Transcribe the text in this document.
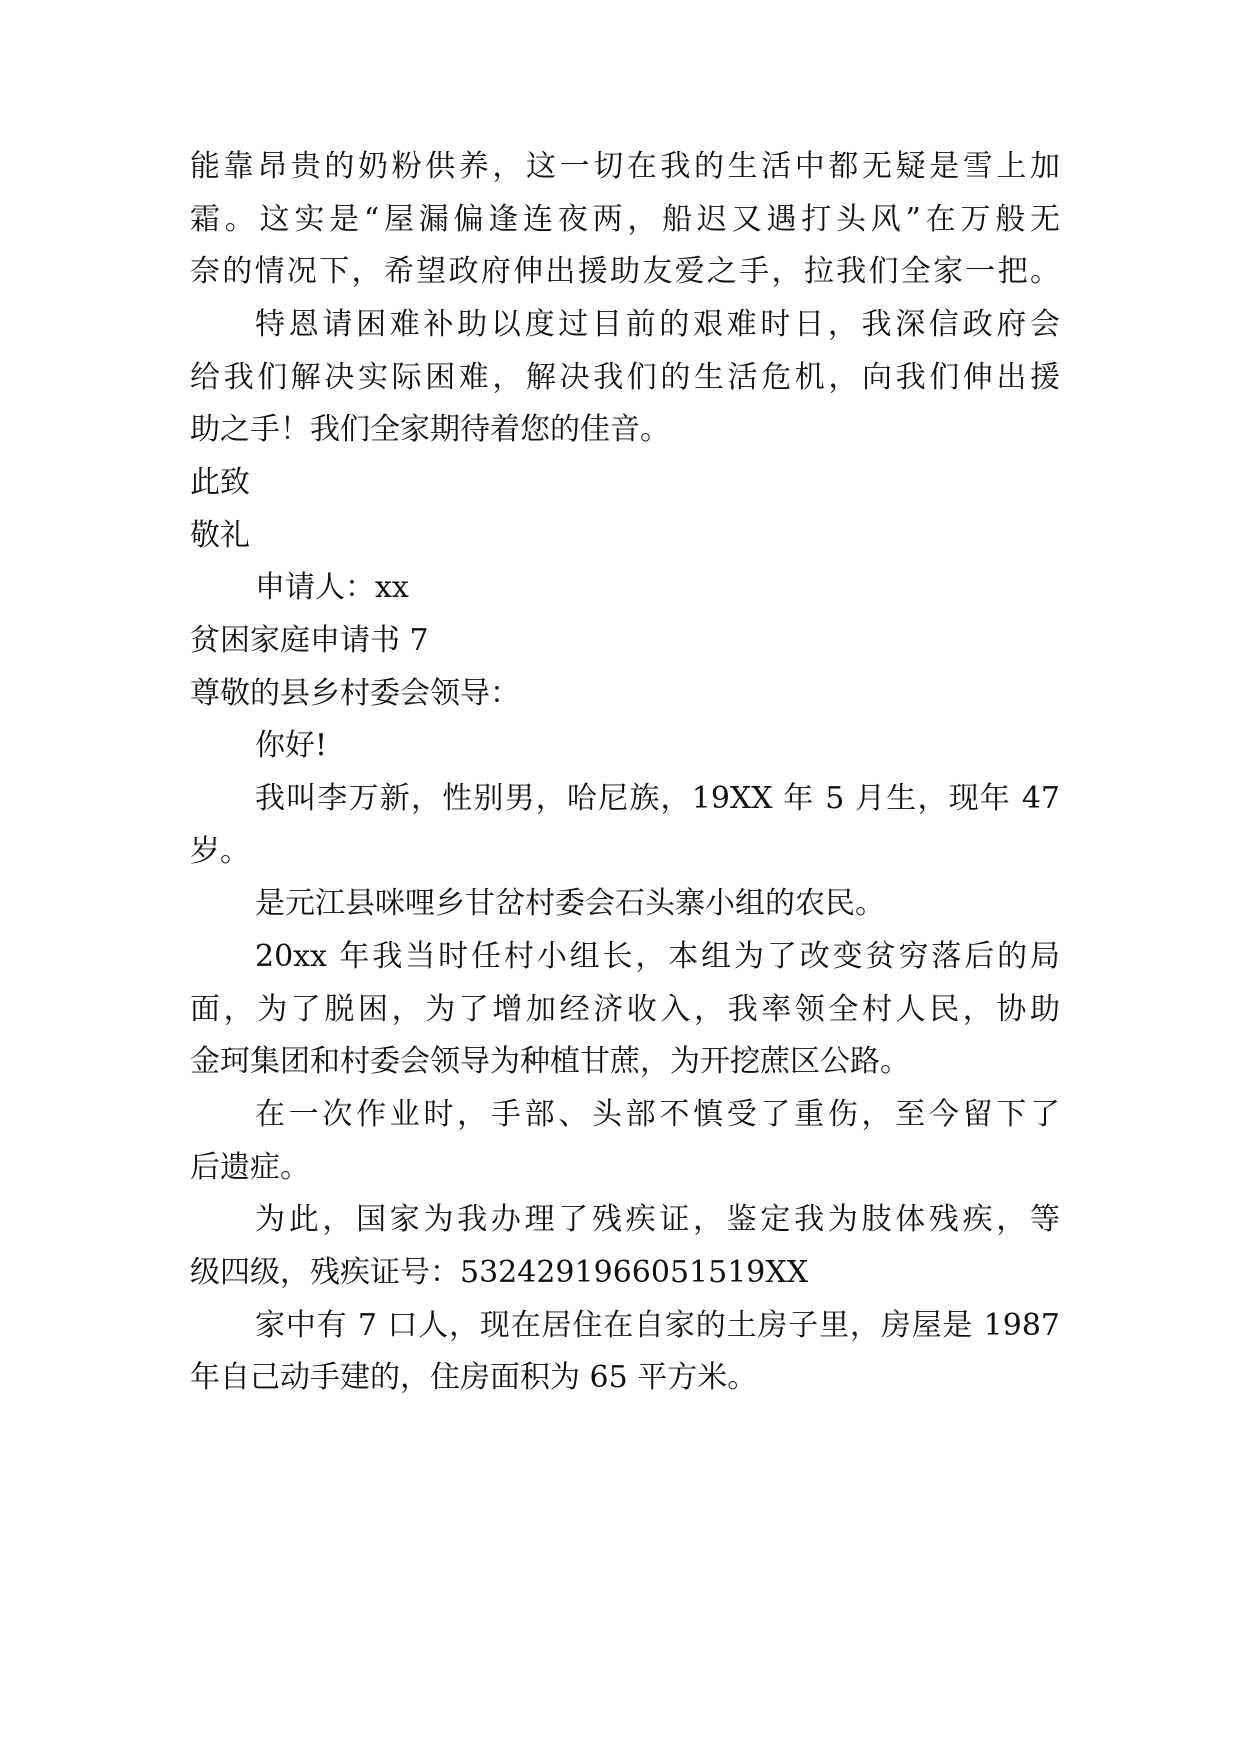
能靠昂贵的奶粉供养，这一切在我的生活中都无疑是雪上加
霜。这实是“屋漏偏逢连夜两，船迟又遇打头风”在万般无
奈的情况下，希望政府伸出援助友爱之手，拉我们全家一把。
特恩请困难补助以度过目前的艰难时日，我深信政府会
给我们解决实际困难，解决我们的生活危机，向我们伸出援
助之手！我们全家期待着您的佳音。
此致
敬礼
申请人：xx
贫困家庭申请书 7
尊敬的县乡村委会领导：
你好!
我叫李万新，性别男，哈尼族，19XX 年 5 月生，现年 47
岁。
是元江县咪哩乡甘岔村委会石头寨小组的农民。
20xx 年我当时任村小组长，本组为了改变贫穷落后的局
面，为了脱困，为了增加经济收入，我率领全村人民，协助
金珂集团和村委会领导为种植甘蔗，为开挖蔗区公路。
在一次作业时，手部、头部不慎受了重伤，至今留下了
后遗症。
为此，国家为我办理了残疾证，鉴定我为肢体残疾，等
级四级，残疾证号：5324291966051519XX
家中有 7 口人，现在居住在自家的土房子里，房屋是 1987
年自己动手建的，住房面积为 65 平方米。
